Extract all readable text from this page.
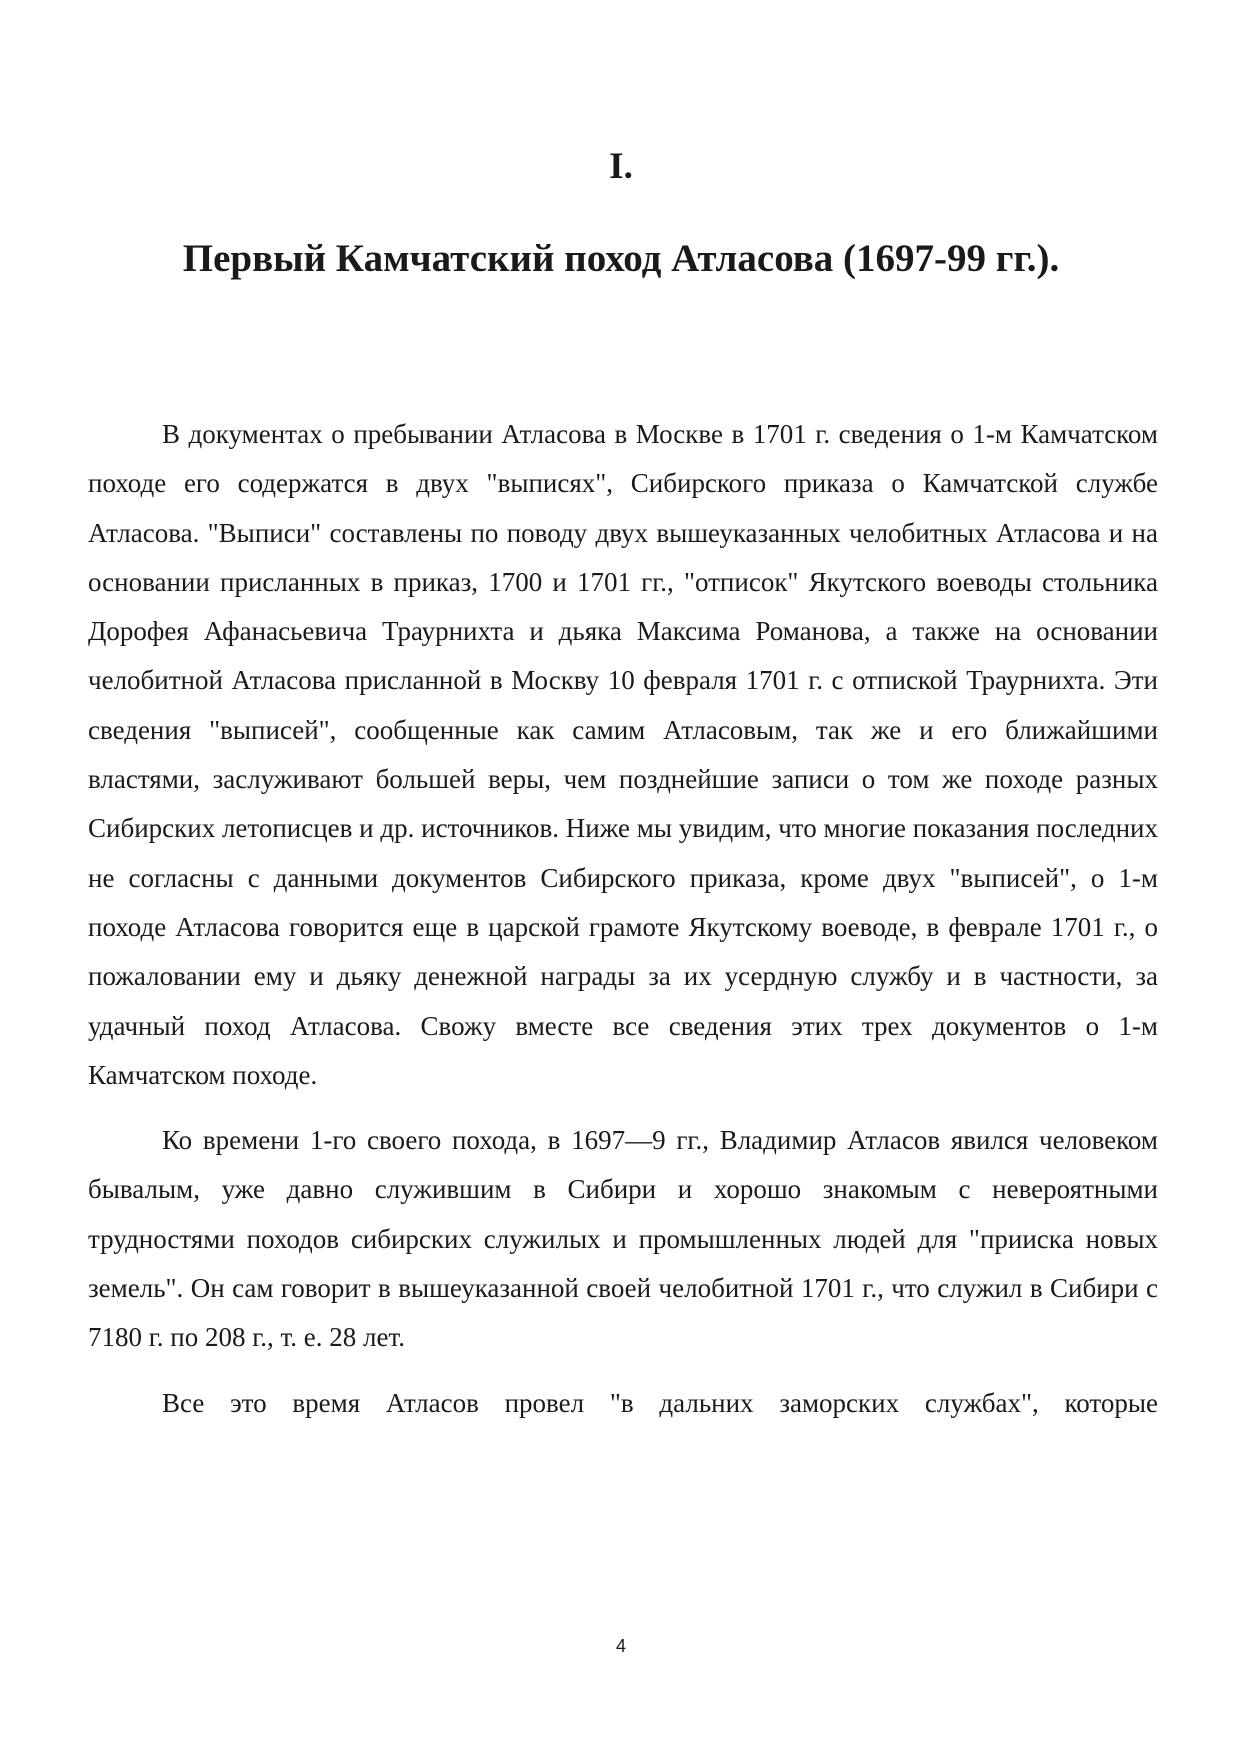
I.
Первый Камчатский поход Атласова (1697-99 гг.).

В документах о пребывании Атласова в Москве в 1701 г. сведения о 1-м Камчатском походе его содержатся в двух "выписях", Сибирского приказа о Камчатской службе Атласова. "Выписи" составлены по поводу двух вышеуказанных челобитных Атласова и на основании присланных в приказ, 1700 и 1701 гг., "отписок" Якутского воеводы стольника Дорофея Афанасьевича Траурнихта и дьяка Максима Романова, а также на основании челобитной Атласова присланной в Москву 10 февраля 1701 г. с отпиской Траурнихта. Эти сведения "выписей", сообщенные как самим Атласовым, так же и его ближайшими властями, заслуживают большей веры, чем позднейшие записи о том же походе разных Сибирских летописцев и др. источников. Ниже мы увидим, что многие показания последних не согласны с данными документов Сибирского приказа, кроме двух "выписей", о 1-м походе Атласова говорится еще в царской грамоте Якутскому воеводе, в феврале 1701 г., о пожаловании ему и дьяку денежной награды за их усердную службу и в частности, за удачный поход Атласова. Свожу вместе все сведения этих трех документов о 1-м Камчатском походе.

Ко времени 1-го своего похода, в 1697—9 гг., Владимир Атласов явился человеком бывалым, уже давно служившим в Сибири и хорошо знакомым с невероятными трудностями походов сибирских служилых и промышленных людей для "приискa новых земель". Он сам говорит в вышеуказанной своей челобитной 1701 г., что служил в Сибири с 7180 г. по 208 г., т. е. 28 лет.

Все это время Атласов провел "в дальних заморских службах", которые

4
